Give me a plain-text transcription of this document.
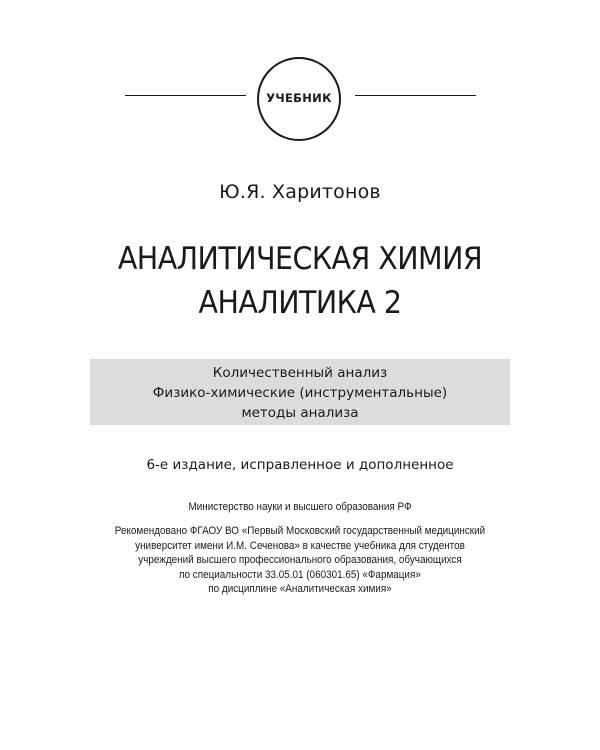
УЧЕБНИК
Ю.Я. Харитонов
АНАЛИТИЧЕСКАЯ ХИМИЯ
АНАЛИТИКА 2
Количественный анализ
Физико-химические (инструментальные)
методы анализа
6-е издание, исправленное и дополненное
Министерство науки и высшего образования РФ
Рекомендовано ФГАОУ ВО «Первый Московский государственный медицинский
университет имени И.М. Сеченова» в качестве учебника для студентов
учреждений высшего профессионального образования, обучающихся
по специальности 33.05.01 (060301.65) «Фармация»
по дисциплине «Аналитическая химия»
